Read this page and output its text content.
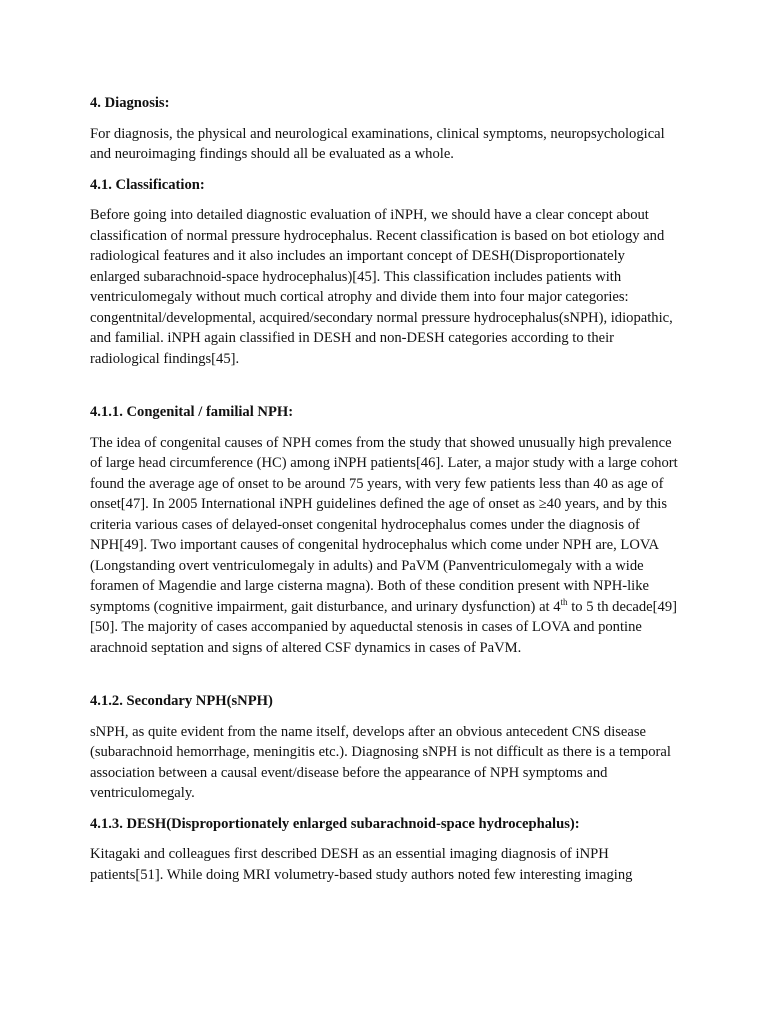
4. Diagnosis:

For diagnosis, the physical and neurological examinations, clinical symptoms, neuropsychological and neuroimaging findings should all be evaluated as a whole.

4.1. Classification:

Before going into detailed diagnostic evaluation of iNPH, we should have a clear concept about classification of normal pressure hydrocephalus. Recent classification is based on bot etiology and radiological features and it also includes an important concept of DESH(Disproportionately enlarged subarachnoid-space hydrocephalus)[45]. This classification includes patients with ventriculomegaly without much cortical atrophy and divide them into four major categories: congentnital/developmental, acquired/secondary normal pressure hydrocephalus(sNPH), idiopathic, and familial. iNPH again classified in DESH and non-DESH categories according to their radiological findings[45].

4.1.1. Congenital / familial NPH:

The idea of congenital causes of NPH comes from the study that showed unusually high prevalence of large head circumference (HC) among iNPH patients[46]. Later, a major study with a large cohort found the average age of onset to be around 75 years, with very few patients less than 40 as age of onset[47]. In 2005 International iNPH guidelines defined the age of onset as ≥40 years, and by this criteria various cases of delayed-onset congenital hydrocephalus comes under the diagnosis of NPH[49]. Two important causes of congenital hydrocephalus which come under NPH are, LOVA (Longstanding overt ventriculomegaly in adults) and PaVM (Panventriculomegaly with a wide foramen of Magendie and large cisterna magna). Both of these condition present with NPH-like symptoms (cognitive impairment, gait disturbance, and urinary dysfunction) at 4th to 5 th decade[49][50]. The majority of cases accompanied by aqueductal stenosis in cases of LOVA and pontine arachnoid septation and signs of altered CSF dynamics in cases of PaVM.

4.1.2. Secondary NPH(sNPH)

sNPH, as quite evident from the name itself, develops after an obvious antecedent CNS disease (subarachnoid hemorrhage, meningitis etc.). Diagnosing sNPH is not difficult as there is a temporal association between a causal event/disease before the appearance of NPH symptoms and ventriculomegaly.

4.1.3. DESH(Disproportionately enlarged subarachnoid-space hydrocephalus):

Kitagaki and colleagues first described DESH as an essential imaging diagnosis of iNPH patients[51]. While doing MRI volumetry-based study authors noted few interesting imaging
